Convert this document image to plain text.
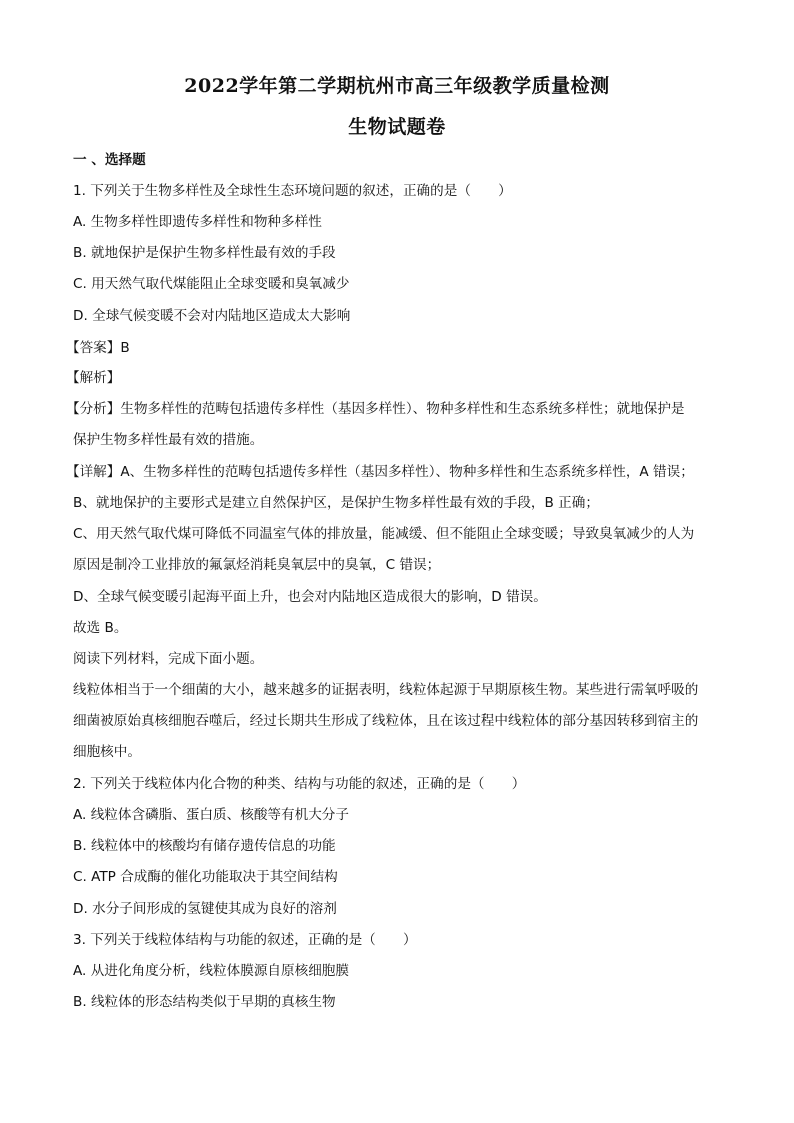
2022学年第二学期杭州市高三年级教学质量检测
生物试题卷
一 、选择题
1. 下列关于生物多样性及全球性生态环境问题的叙述，正确的是（　　）
A. 生物多样性即遗传多样性和物种多样性
B. 就地保护是保护生物多样性最有效的手段
C. 用天然气取代煤能阻止全球变暖和臭氧减少
D. 全球气候变暖不会对内陆地区造成太大影响
【答案】B
【解析】
【分析】生物多样性的范畴包括遗传多样性（基因多样性）、物种多样性和生态系统多样性；就地保护是
保护生物多样性最有效的措施。
【详解】A、生物多样性的范畴包括遗传多样性（基因多样性）、物种多样性和生态系统多样性，A 错误；
B、就地保护的主要形式是建立自然保护区，是保护生物多样性最有效的手段，B 正确；
C、用天然气取代煤可降低不同温室气体的排放量，能减缓、但不能阻止全球变暖；导致臭氧减少的人为
原因是制冷工业排放的氟氯烃消耗臭氧层中的臭氧，C 错误；
D、全球气候变暖引起海平面上升，也会对内陆地区造成很大的影响，D 错误。
故选 B。
阅读下列材料，完成下面小题。
线粒体相当于一个细菌的大小，越来越多的证据表明，线粒体起源于早期原核生物。某些进行需氧呼吸的
细菌被原始真核细胞吞噬后，经过长期共生形成了线粒体，且在该过程中线粒体的部分基因转移到宿主的
细胞核中。
2. 下列关于线粒体内化合物的种类、结构与功能的叙述，正确的是（　　）
A. 线粒体含磷脂、蛋白质、核酸等有机大分子
B. 线粒体中的核酸均有储存遗传信息的功能
C. ATP 合成酶的催化功能取决于其空间结构
D. 水分子间形成的氢键使其成为良好的溶剂
3. 下列关于线粒体结构与功能的叙述，正确的是（　　）
A. 从进化角度分析，线粒体膜源自原核细胞膜
B. 线粒体的形态结构类似于早期的真核生物
